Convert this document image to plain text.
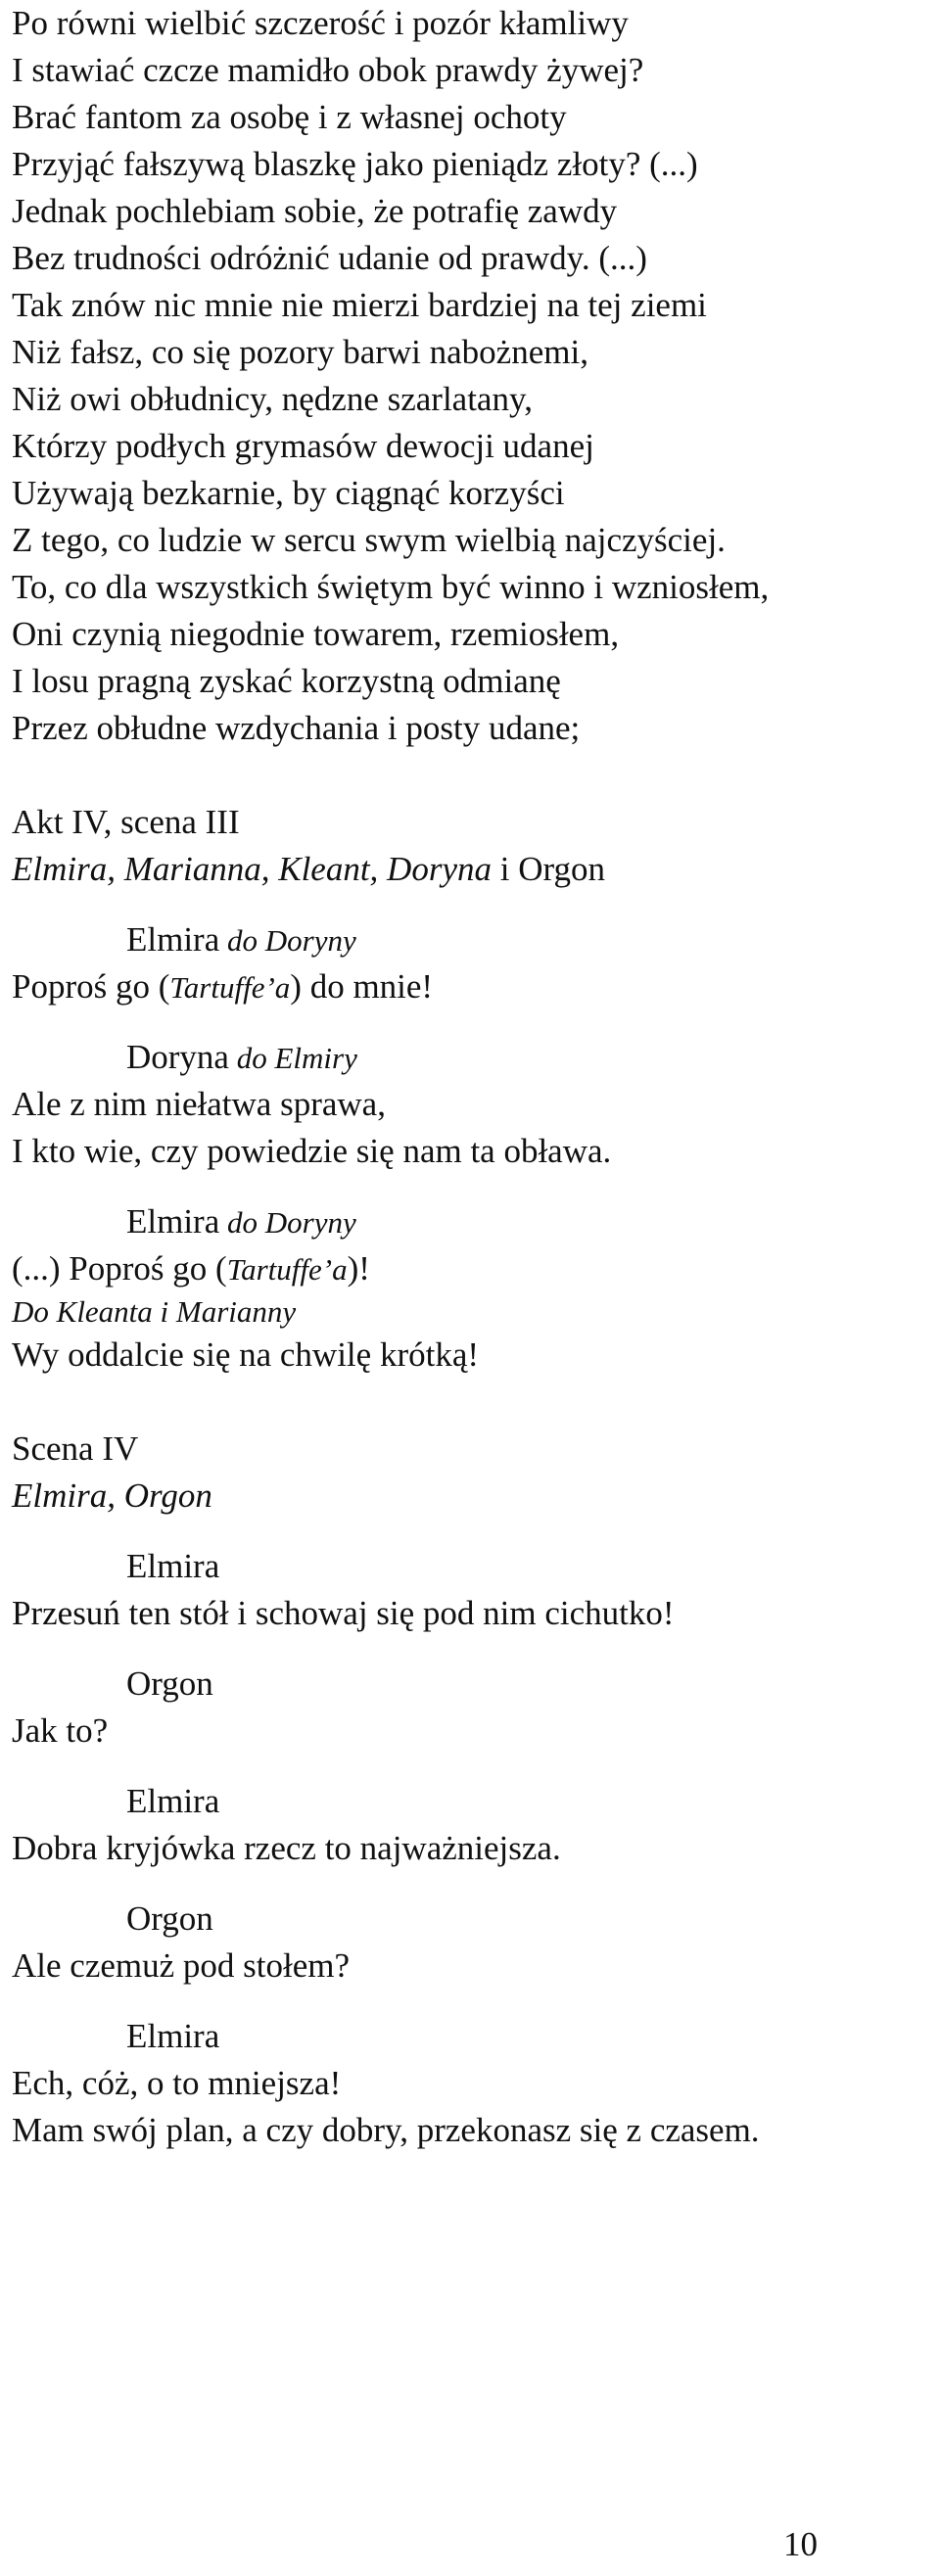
Po równi wielbić szczerość i pozór kłamliwy
I stawiać czcze mamidło obok prawdy żywej?
Brać fantom za osobę i z własnej ochoty
Przyjąć fałszywą blaszkę jako pieniądz złoty? (...)
Jednak pochlebiam sobie, że potrafię zawdy
Bez trudności odróżnić udanie od prawdy. (...)
Tak znów nic mnie nie mierzi bardziej na tej ziemi
Niż fałsz, co się pozory barwi nabożnemi,
Niż owi obłudnicy, nędzne szarlatany,
Którzy podłych grymasów dewocji udanej
Używają bezkarnie, by ciągnąć korzyści
Z tego, co ludzie w sercu swym wielbią najczyściej.
To, co dla wszystkich świętym być winno i wzniosłem,
Oni czynią niegodnie towarem, rzemiosłem,
I losu pragną zyskać korzystną odmianę
Przez obłudne wzdychania i posty udane;
Akt IV, scena III
Elmira, Marianna, Kleant, Doryna i Orgon
Elmira do Doryny
Poproś go (Tartuffe’a) do mnie!
Doryna do Elmiry
Ale z nim niełatwa sprawa,
I kto wie, czy powiedzie się nam ta obława.
Elmira do Doryny
(...) Poproś go (Tartuffe’a)!
Do Kleanta i Marianny
Wy oddalcie się na chwilę krótką!
Scena IV
Elmira, Orgon
Elmira
Przesuń ten stół i schowaj się pod nim cichutko!
Orgon
Jak to?
Elmira
Dobra kryjówka rzecz to najważniejsza.
Orgon
Ale czemuż pod stołem?
Elmira
Ech, cóż, o to mniejsza!
Mam swój plan, a czy dobry, przekonasz się z czasem.
10
